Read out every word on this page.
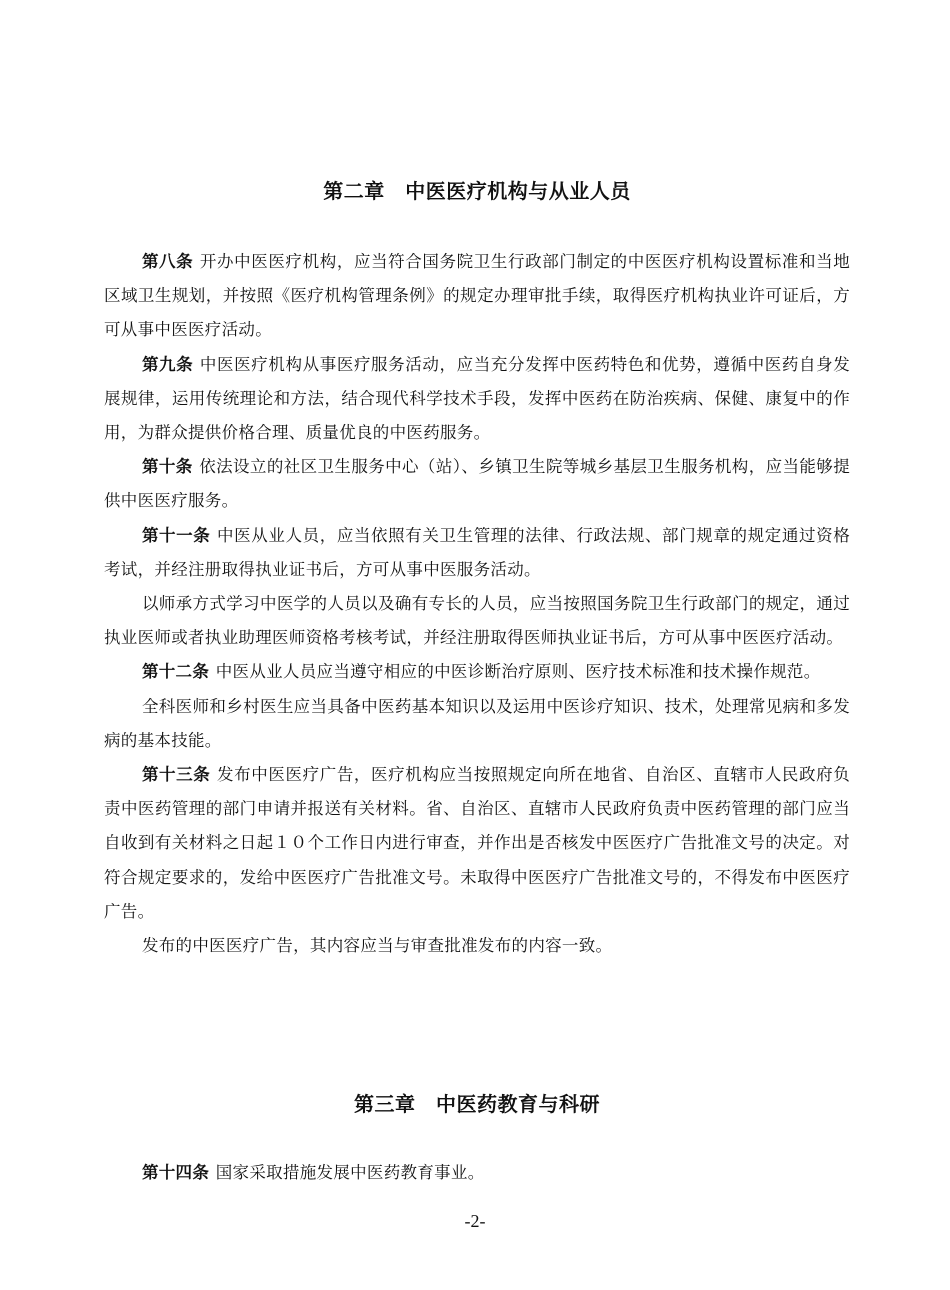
第二章　中医医疗机构与从业人员

第八条 开办中医医疗机构，应当符合国务院卫生行政部门制定的中医医疗机构设置标准和当地区域卫生规划，并按照《医疗机构管理条例》的规定办理审批手续，取得医疗机构执业许可证后，方可从事中医医疗活动。

第九条 中医医疗机构从事医疗服务活动，应当充分发挥中医药特色和优势，遵循中医药自身发展规律，运用传统理论和方法，结合现代科学技术手段，发挥中医药在防治疾病、保健、康复中的作用，为群众提供价格合理、质量优良的中医药服务。

第十条 依法设立的社区卫生服务中心（站）、乡镇卫生院等城乡基层卫生服务机构，应当能够提供中医医疗服务。

第十一条 中医从业人员，应当依照有关卫生管理的法律、行政法规、部门规章的规定通过资格考试，并经注册取得执业证书后，方可从事中医服务活动。

以师承方式学习中医学的人员以及确有专长的人员，应当按照国务院卫生行政部门的规定，通过执业医师或者执业助理医师资格考核考试，并经注册取得医师执业证书后，方可从事中医医疗活动。

第十二条 中医从业人员应当遵守相应的中医诊断治疗原则、医疗技术标准和技术操作规范。

全科医师和乡村医生应当具备中医药基本知识以及运用中医诊疗知识、技术，处理常见病和多发病的基本技能。

第十三条 发布中医医疗广告，医疗机构应当按照规定向所在地省、自治区、直辖市人民政府负责中医药管理的部门申请并报送有关材料。省、自治区、直辖市人民政府负责中医药管理的部门应当自收到有关材料之日起１０个工作日内进行审查，并作出是否核发中医医疗广告批准文号的决定。对符合规定要求的，发给中医医疗广告批准文号。未取得中医医疗广告批准文号的，不得发布中医医疗广告。

发布的中医医疗广告，其内容应当与审查批准发布的内容一致。

第三章　中医药教育与科研

第十四条 国家采取措施发展中医药教育事业。

-2-
